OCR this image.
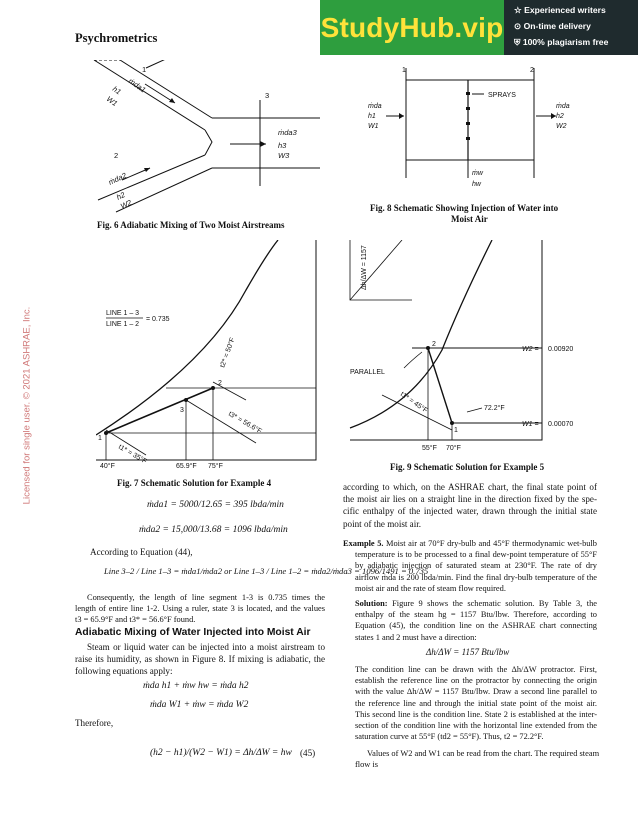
Psychrometrics	StudyHub.vip
☆ Experienced writers
⊙ On-time delivery
⛨ 100% plagiarism free
Licensed for single user. © 2021 ASHRAE, Inc.
1
2
3
ṁda1
h1
W1
ṁda2
h2
W2
ṁda3
h3
W3
Fig. 6 Adiabatic Mixing of Two Moist Airstreams
LINE 1 – 3
LINE 1 – 2
= 0.735
1
2
3
t1* = 35°F
t2* = 50°F
t3* = 56.6°F
40°F	65.9°F 75°F
Fig. 7 Schematic Solution for Example 4
1	2
SPRAYS
ṁda
h1
W1
ṁda
h2
W2
ṁw
hw
Fig. 8 Schematic Showing Injection of Water into
Moist Air
Δh/ΔW = 1157
PARALLEL
t1* = 45°F	72.2°F
55°F 70°F
W2 = 0.00920
W1 = 0.00070
1
2
Fig. 9 Schematic Solution for Example 5
ṁda1 = 5000/12.65 = 395 lbda/min
ṁda2 = 15,000/13.68 = 1096 lbda/min
According to Equation (44),
Line 3–2 / Line 1–3 = ṁda1/ṁda2 or Line 1–3 / Line 1–2 = ṁda2/ṁda3 = 1096/1491 = 0.735
Consequently, the length of line segment 1-3 is 0.735 times the
length of entire line 1-2. Using a ruler, state 3 is located, and the values
t3 = 65.9°F and t3* = 56.6°F found.
Adiabatic Mixing of Water Injected into Moist Air
Steam or liquid water can be injected into a moist airstream to
raise its humidity, as shown in Figure 8. If mixing is adiabatic, the
following equations apply:
ṁda h1 + ṁw hw = ṁda h2
ṁda W1 + ṁw = ṁda W2
Therefore,
(h2 − h1)/(W2 − W1) = Δh/ΔW = hw (45)
according to which, on the ASHRAE chart, the final state point of
the moist air lies on a straight line in the direction fixed by the spe-
cific enthalpy of the injected water, drawn through the initial state
point of the moist air.
Example 5. Moist air at 70°F dry-bulb and 45°F thermodynamic wet-bulb
temperature is to be processed to a final dew-point temperature of 55°F
by adiabatic injection of saturated steam at 230°F. The rate of dry
airflow ṁda is 200 lbda/min. Find the final dry-bulb temperature of the
moist air and the rate of steam flow required.
Solution: Figure 9 shows the schematic solution. By Table 3, the
enthalpy of the steam hg = 1157 Btu/lbw. Therefore, according to
Equation (45), the condition line on the ASHRAE chart connecting
states 1 and 2 must have a direction:
Δh/ΔW = 1157 Btu/lbw
The condition line can be drawn with the Δh/ΔW protractor. First,
establish the reference line on the protractor by connecting the origin
with the value Δh/ΔW = 1157 Btu/lbw. Draw a second line parallel to
the reference line and through the initial state point of the moist air.
This second line is the condition line. State 2 is established at the inter-
section of the condition line with the horizontal line extended from the
saturation curve at 55°F (td2 = 55°F). Thus, t2 = 72.2°F.
Values of W2 and W1 can be read from the chart. The required steam
flow is
